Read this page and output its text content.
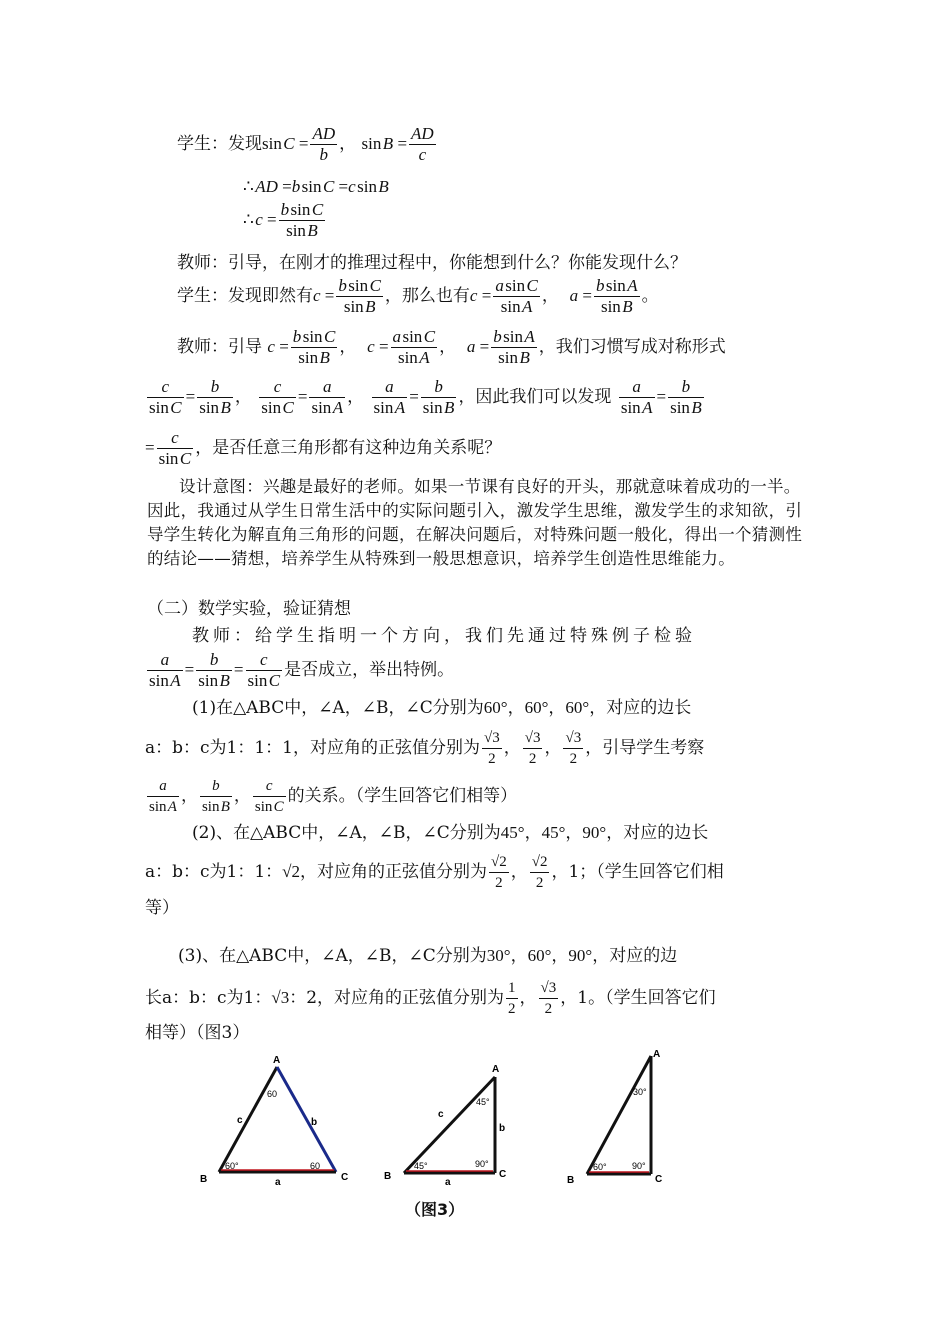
学生：发现sin $C = \frac{AD}{b}$ ， sin $B = \frac{AD}{c}$
∴ AD =b sin C =c sin B
∴ $c = \frac{\text{b sin C}}{\text{sin B}}$
教师：引导，在刚才的推理过程中，你能想到什么？你能发现什么？
学生：发现即然有$c = \frac{\text{b sin C}}{\text{sin B}}$ ，那么也有$c = \frac{\text{a sin C}}{\text{sin A}}$ ， $a = \frac{\text{b sin A}}{\text{sin B}}$ 。
教师：引导 $c = \frac{\text{b sin C}}{\text{sin B}}$ ， $c = \frac{\text{a sin C}}{\text{sin A}}$ ， $a = \frac{\text{b sin A}}{\text{sin B}}$ ，我们习惯写成对称形式
$\frac{c}{\text{sin C}} = \frac{b}{\text{sin B}}$ ， $\frac{c}{\text{sin C}} = \frac{a}{\text{sin A}}$ ， $\frac{a}{\text{sin A}} = \frac{b}{\text{sin B}}$ ，因此我们可以发现 $\frac{a}{\text{sin A}} = \frac{b}{\text{sin B}}$
= $\frac{c}{\text{sin C}}$ ，是否任意三角形都有这种边角关系呢？
设计意图：兴趣是最好的老师。如果一节课有良好的开头，那就意味着成功的一半。因此，我通过从学生日常生活中的实际问题引入，激发学生思维，激发学生的求知欲，引导学生转化为解直角三角形的问题，在解决问题后，对特殊问题一般化，得出一个猜测性的结论——猜想，培养学生从特殊到一般思想意识，培养学生创造性思维能力。
（二）数学实验，验证猜想
教师：给学生指明一个方向，我们先通过特殊例子检验
$\frac{a}{\text{sin A}} = \frac{b}{\text{sin B}} = \frac{c}{\text{sin C}}$ 是否成立，举出特例。
(1)在△ABC中，∠A，∠B，∠C分别为60°，60°，60°，对应的边长
a：b：c为1：1：1，对应角的正弦值分别为 $\frac{√3}{2}$ ， $\frac{√3}{2}$ ， $\frac{√3}{2}$ ，引导学生考察
$\frac{a}{\text{sin A}}$ ， $\frac{b}{\text{sin B}}$ ， $\frac{c}{\text{sin C}}$ 的关系。（学生回答它们相等）
(2)、在△ABC中，∠A，∠B，∠C分别为45°，45°，90°，对应的边长
a：b：c为1：1：√2，对应角的正弦值分别为 $\frac{√2}{2}$ ， $\frac{√2}{2}$ ，1；（学生回答它们相
等）
(3)、在△ABC中，∠A，∠B，∠C分别为30°，60°，90°，对应的边
长a：b：c为1：√3：2，对应角的正弦值分别为 $\frac{1}{2}$ ， $\frac{√3}{2}$ ，1。（学生回答它们
相等）（图3）
A
B	C
a
b
c
60
60°	60
A
B	C
a
b
c
45°
45°	90°
A
B	C
30°
60°	90°
（图3）
